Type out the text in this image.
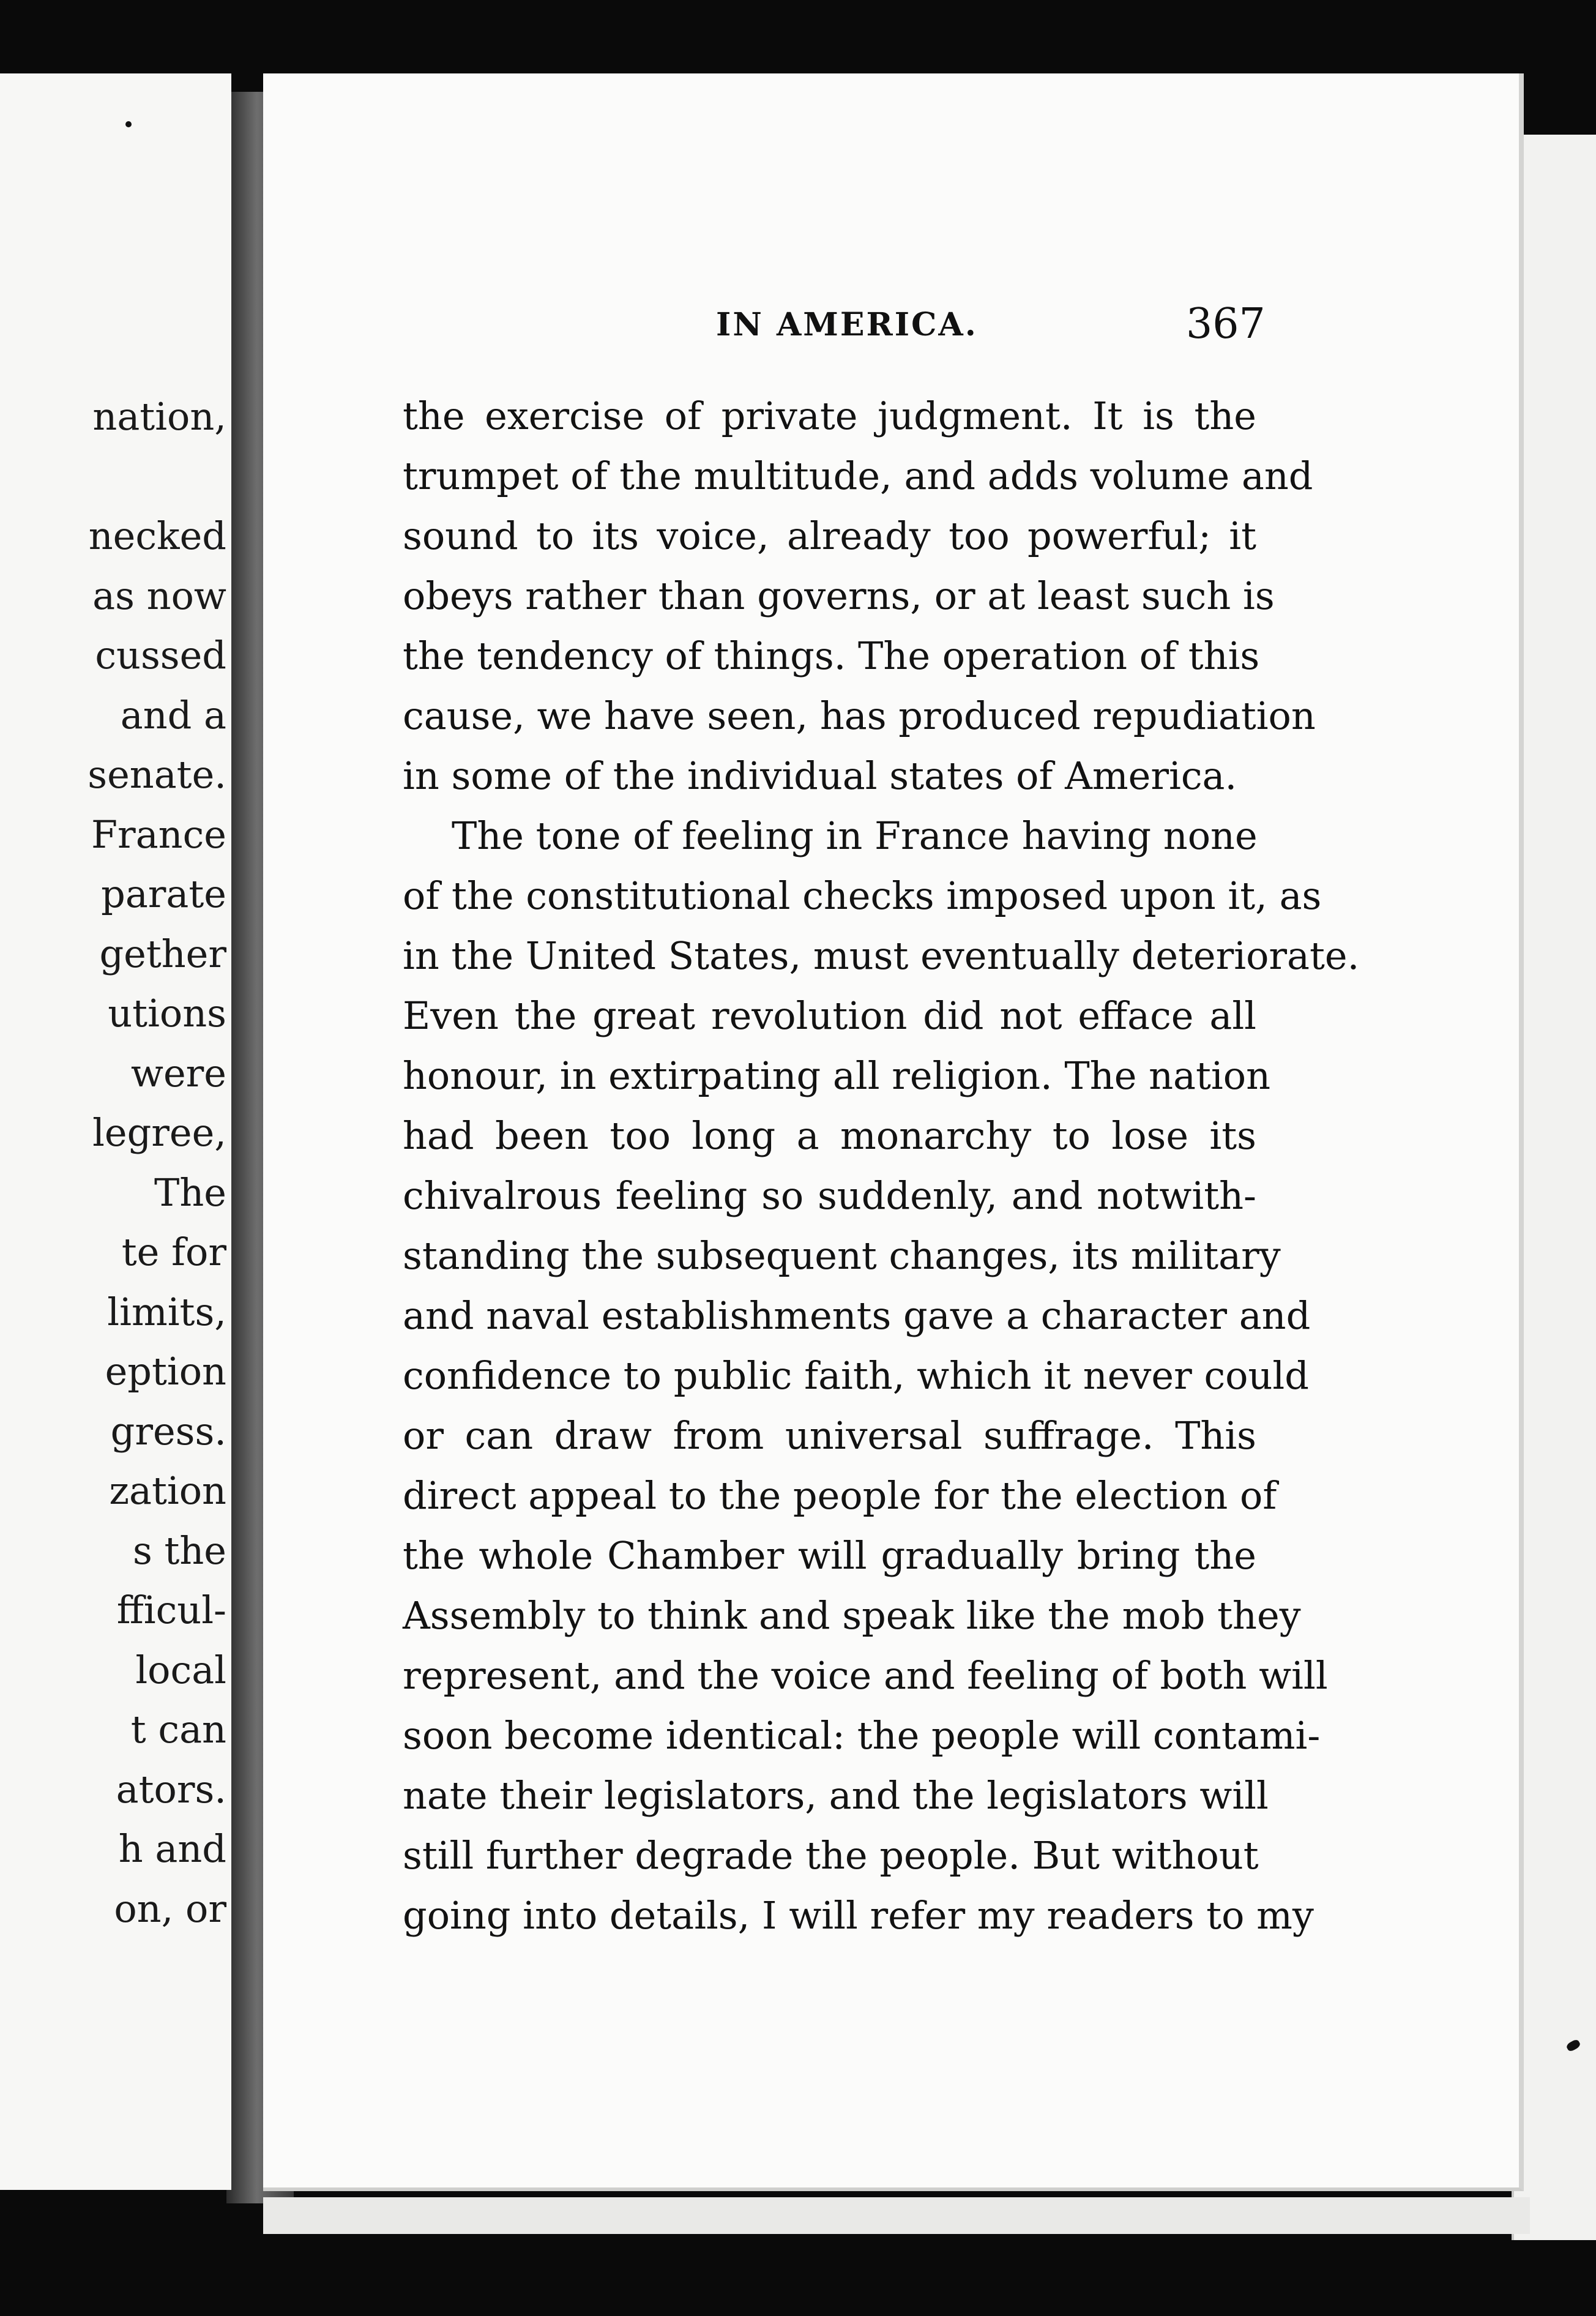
nation,
necked
as now
cussed
and a
senate.
France
parate
gether
utions
were
legree,
The
te for
limits,
eption
gress.
zation
s the
fficul-
local
t can
ators.
h and
on, or
IN AMERICA.	367
the exercise of private judgment. It is the
trumpet of the multitude, and adds volume and
sound to its voice, already too powerful; it
obeys rather than governs, or at least such is
the tendency of things. The operation of this
cause, we have seen, has produced repudiation
in some of the individual states of America.
The tone of feeling in France having none
of the constitutional checks imposed upon it, as
in the United States, must eventually deteriorate.
Even the great revolution did not efface all
honour, in extirpating all religion. The nation
had been too long a monarchy to lose its
chivalrous feeling so suddenly, and notwith-
standing the subsequent changes, its military
and naval establishments gave a character and
confidence to public faith, which it never could
or can draw from universal suffrage. This
direct appeal to the people for the election of
the whole Chamber will gradually bring the
Assembly to think and speak like the mob they
represent, and the voice and feeling of both will
soon become identical: the people will contami-
nate their legislators, and the legislators will
still further degrade the people. But without
going into details, I will refer my readers to my
